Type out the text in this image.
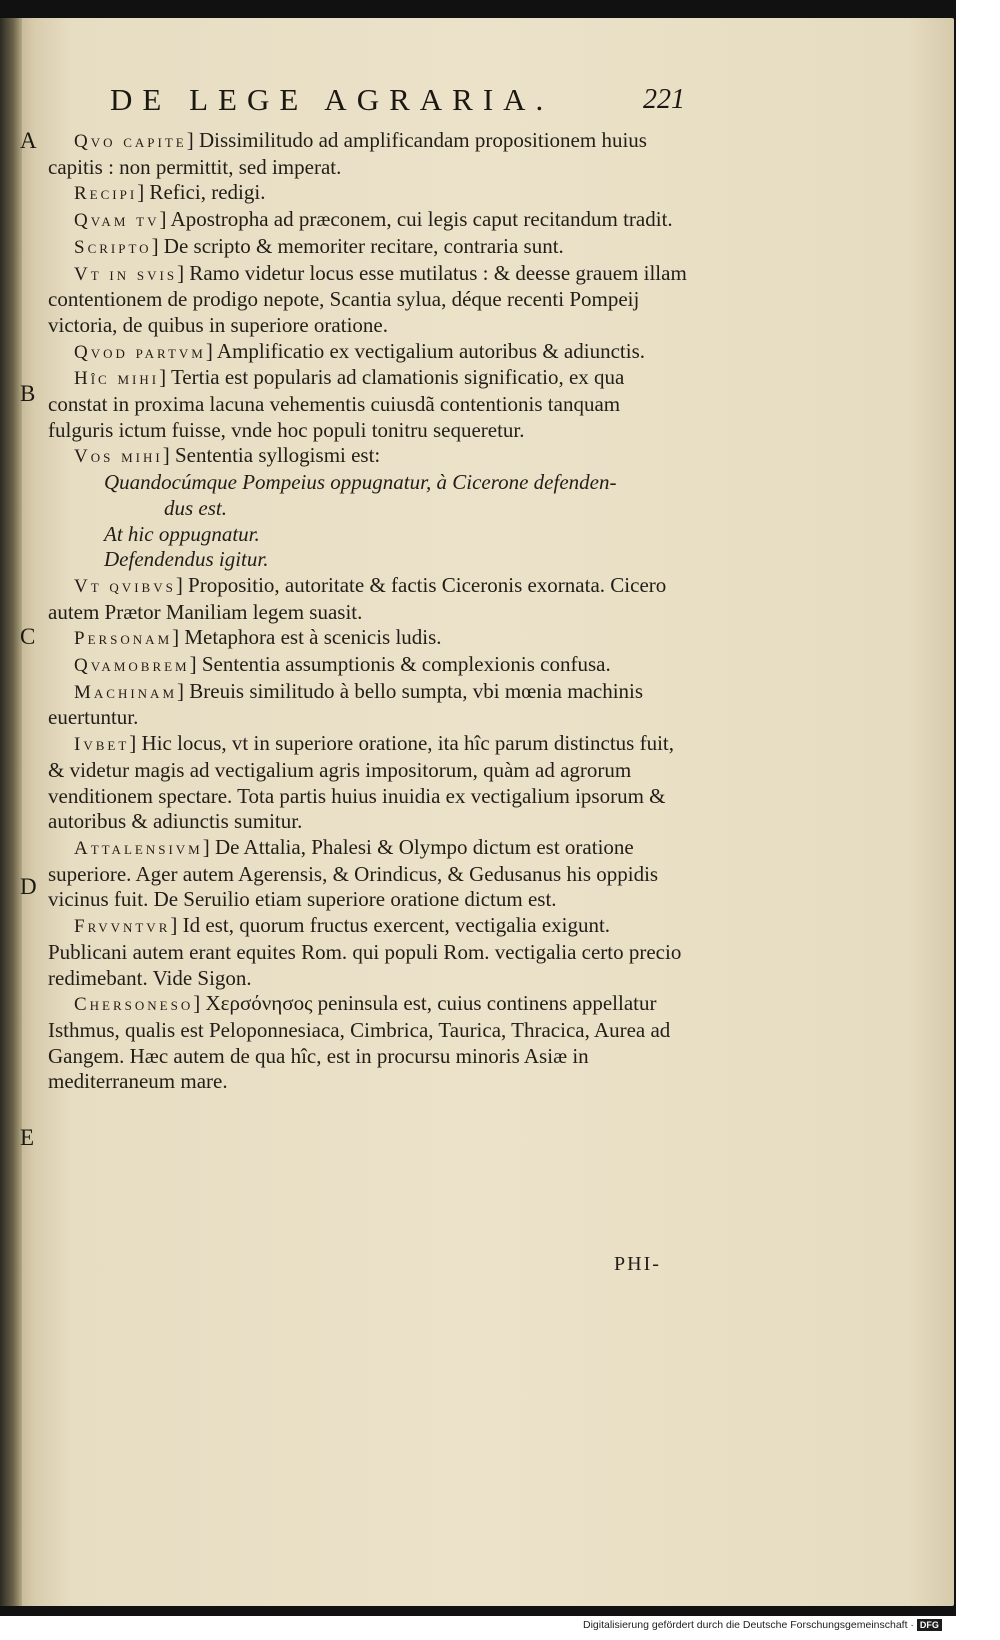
DE LEGE AGRARIA.	221
A
B
C
D
E

Qvo capite] Dissimilitudo ad amplificandam propositionem huius capitis : non permittit, sed imperat.

Recipi] Refici, redigi.

Qvam tv] Apostropha ad præconem, cui legis caput recitandum tradit.

Scripto] De scripto & memoriter recitare, contraria sunt.

Vt in svis] Ramo videtur locus esse mutilatus : & deesse grauem illam contentionem de prodigo nepote, Scantia sylua, déque recenti Pompeij victoria, de quibus in superiore oratione.

Qvod partvm] Amplificatio ex vectigalium autoribus & adiunctis.

Hîc mihi] Tertia est popularis ad clamationis significatio, ex qua constat in proxima lacuna vehementis cuiusdã contentionis tanquam fulguris ictum fuisse, vnde hoc populi tonitru sequeretur.

Vos mihi] Sententia syllogismi est:

Quandocúmque Pompeius oppugnatur, à Cicerone defenden-
dus est.
At hic oppugnatur.
Defendendus igitur.

Vt qvibvs] Propositio, autoritate & factis Ciceronis exornata. Cicero autem Prætor Maniliam legem suasit.

Personam] Metaphora est à scenicis ludis.

Qvamobrem] Sententia assumptionis & complexionis confusa.

Machinam] Breuis similitudo à bello sumpta, vbi mœnia machinis euertuntur.

Ivbet] Hic locus, vt in superiore oratione, ita hîc parum distinctus fuit, & videtur magis ad vectigalium agris impositorum, quàm ad agrorum venditionem spectare. Tota partis huius inuidia ex vectigalium ipsorum & autoribus & adiunctis sumitur.

Attalensivm] De Attalia, Phalesi & Olympo dictum est oratione superiore. Ager autem Agerensis, & Orindicus, & Gedusanus his oppidis vicinus fuit. De Seruilio etiam superiore oratione dictum est.

Frvvntvr] Id est, quorum fructus exercent, vectigalia exigunt. Publicani autem erant equites Rom. qui populi Rom. vectigalia certo precio redimebant. Vide Sigon.

Chersoneso] Χερσόνησος peninsula est, cuius continens appellatur Isthmus, qualis est Peloponnesiaca, Cimbrica, Taurica, Thracica, Aurea ad Gangem. Hæc autem de qua hîc, est in procursu minoris Asiæ in mediterraneum mare.

PHI-
Digitalisierung gefördert durch die Deutsche Forschungsgemeinschaft · DFG
